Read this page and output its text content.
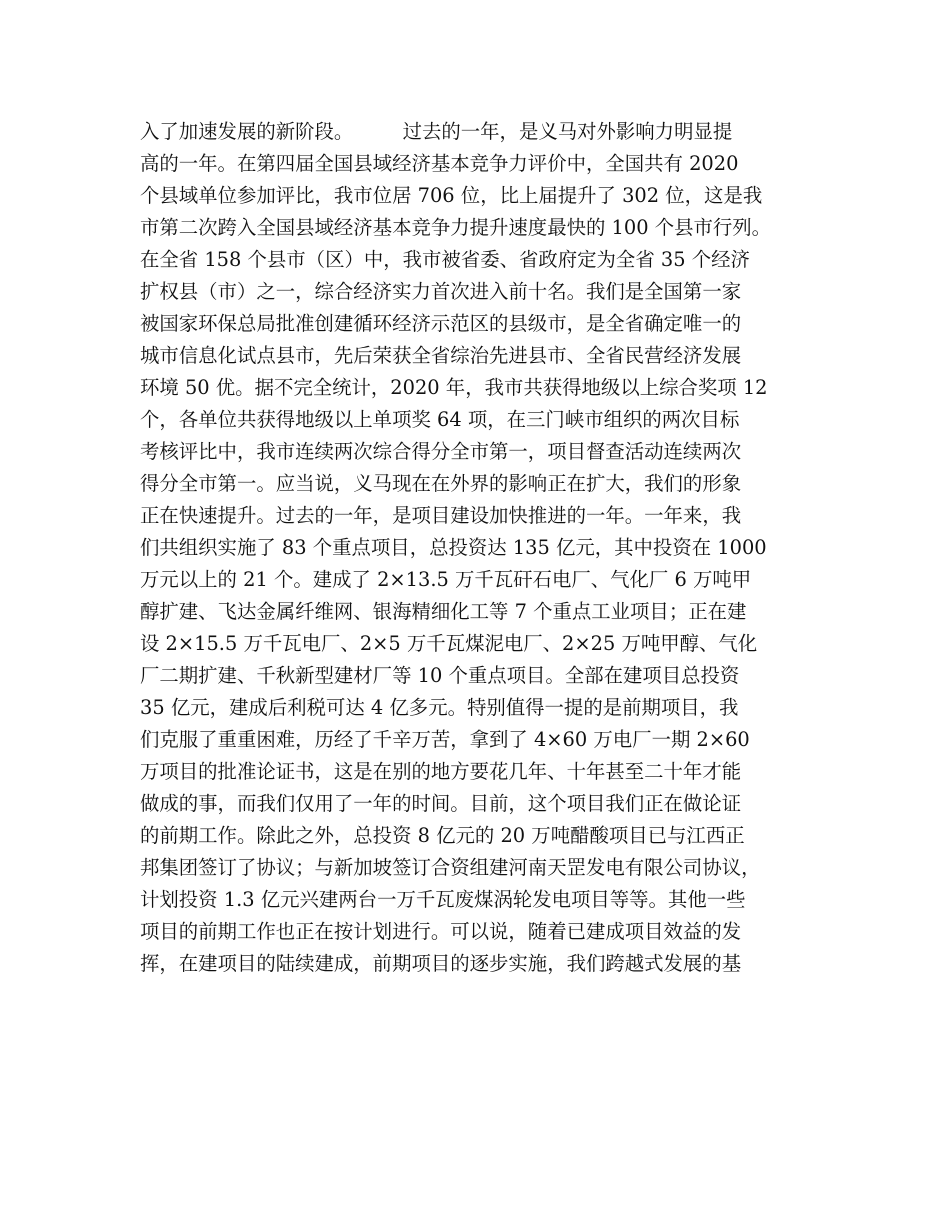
入了加速发展的新阶段。        过去的一年，是义马对外影响力明显提
高的一年。在第四届全国县域经济基本竞争力评价中，全国共有 2020
个县域单位参加评比，我市位居 706 位，比上届提升了 302 位，这是我
市第二次跨入全国县域经济基本竞争力提升速度最快的 100 个县市行列。
在全省 158 个县市（区）中，我市被省委、省政府定为全省 35 个经济
扩权县（市）之一，综合经济实力首次进入前十名。我们是全国第一家
被国家环保总局批准创建循环经济示范区的县级市，是全省确定唯一的
城市信息化试点县市，先后荣获全省综治先进县市、全省民营经济发展
环境 50 优。据不完全统计，2020 年，我市共获得地级以上综合奖项 12
个，各单位共获得地级以上单项奖 64 项，在三门峡市组织的两次目标
考核评比中，我市连续两次综合得分全市第一，项目督查活动连续两次
得分全市第一。应当说，义马现在在外界的影响正在扩大，我们的形象
正在快速提升。过去的一年，是项目建设加快推进的一年。一年来，我
们共组织实施了 83 个重点项目，总投资达 135 亿元，其中投资在 1000
万元以上的 21 个。建成了 2×13.5 万千瓦矸石电厂、气化厂 6 万吨甲
醇扩建、飞达金属纤维网、银海精细化工等 7 个重点工业项目；正在建
设 2×15.5 万千瓦电厂、2×5 万千瓦煤泥电厂、2×25 万吨甲醇、气化
厂二期扩建、千秋新型建材厂等 10 个重点项目。全部在建项目总投资
35 亿元，建成后利税可达 4 亿多元。特别值得一提的是前期项目，我
们克服了重重困难，历经了千辛万苦，拿到了 4×60 万电厂一期 2×60
万项目的批准论证书，这是在别的地方要花几年、十年甚至二十年才能
做成的事，而我们仅用了一年的时间。目前，这个项目我们正在做论证
的前期工作。除此之外，总投资 8 亿元的 20 万吨醋酸项目已与江西正
邦集团签订了协议；与新加坡签订合资组建河南天罡发电有限公司协议，
计划投资 1.3 亿元兴建两台一万千瓦废煤涡轮发电项目等等。其他一些
项目的前期工作也正在按计划进行。可以说，随着已建成项目效益的发
挥，在建项目的陆续建成，前期项目的逐步实施，我们跨越式发展的基
